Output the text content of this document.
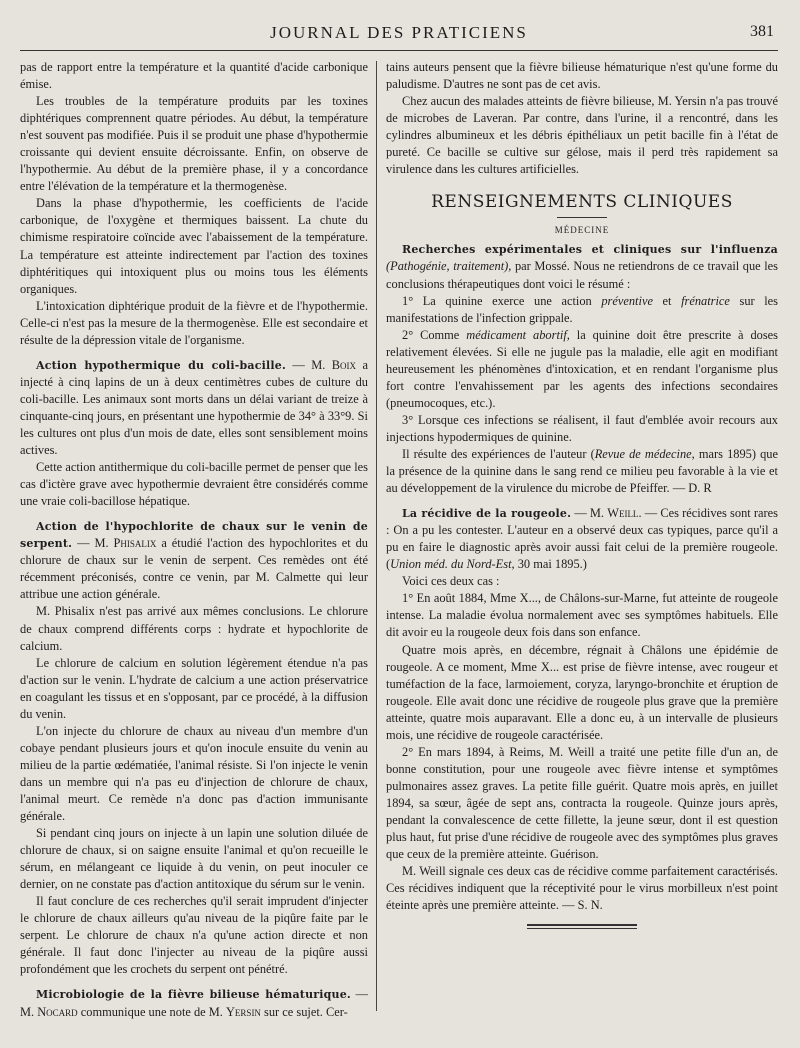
JOURNAL DES PRATICIENS	381

pas de rapport entre la température et la quantité d'acide carbonique émise.

Les troubles de la température produits par les toxines diphtériques comprennent quatre périodes. Au début, la température n'est souvent pas modifiée. Puis il se produit une phase d'hypothermie croissante qui devient ensuite décroissante. Enfin, on observe de l'hypothermie. Au début de la première phase, il y a concordance entre l'élévation de la température et la thermogenèse.

Dans la phase d'hypothermie, les coefficients de l'acide carbonique, de l'oxygène et thermiques baissent. La chute du chimisme respiratoire coïncide avec l'abaissement de la température. La température est atteinte indirectement par l'action des toxines diphtéritiques qui intoxiquent plus ou moins tous les éléments organiques.

L'intoxication diphtérique produit de la fièvre et de l'hypothermie. Celle-ci n'est pas la mesure de la thermogenèse. Elle est secondaire et résulte de la dépression vitale de l'organisme.

Action hypothermique du coli-bacille. — M. Boix a injecté à cinq lapins de un à deux centimètres cubes de culture du coli-bacille. Les animaux sont morts dans un délai variant de treize à cinquante-cinq jours, en présentant une hypothermie de 34° à 33°9. Si les cultures ont plus d'un mois de date, elles sont sensiblement moins actives.

Cette action antithermique du coli-bacille permet de penser que les cas d'ictère grave avec hypothermie devraient être considérés comme une vraie coli-bacillose hépatique.

Action de l'hypochlorite de chaux sur le venin de serpent. — M. Phisalix a étudié l'action des hypochlorites et du chlorure de chaux sur le venin de serpent. Ces remèdes ont été récemment préconisés, contre ce venin, par M. Calmette qui leur attribue une action générale.

M. Phisalix n'est pas arrivé aux mêmes conclusions. Le chlorure de chaux comprend différents corps : hydrate et hypochlorite de calcium.

Le chlorure de calcium en solution légèrement étendue n'a pas d'action sur le venin. L'hydrate de calcium a une action préservatrice en coagulant les tissus et en s'opposant, par ce procédé, à la diffusion du venin.

L'on injecte du chlorure de chaux au niveau d'un membre d'un cobaye pendant plusieurs jours et qu'on inocule ensuite du venin au milieu de la partie œdématiée, l'animal résiste. Si l'on injecte le venin dans un membre qui n'a pas eu d'injection de chlorure de chaux, l'animal meurt. Ce remède n'a donc pas d'action immunisante générale.

Si pendant cinq jours on injecte à un lapin une solution diluée de chlorure de chaux, si on saigne ensuite l'animal et qu'on recueille le sérum, en mélangeant ce liquide à du venin, on peut inoculer ce dernier, on ne constate pas d'action antitoxique du sérum sur le venin.

Il faut conclure de ces recherches qu'il serait imprudent d'injecter le chlorure de chaux ailleurs qu'au niveau de la piqûre faite par le serpent. Le chlorure de chaux n'a qu'une action directe et non générale. Il faut donc l'injecter au niveau de la piqûre aussi profondément que les crochets du serpent ont pénétré.

Microbiologie de la fièvre bilieuse hématurique. — M. Nocard communique une note de M. Yersin sur ce sujet. Cer-

tains auteurs pensent que la fièvre bilieuse hématurique n'est qu'une forme du paludisme. D'autres ne sont pas de cet avis.

Chez aucun des malades atteints de fièvre bilieuse, M. Yersin n'a pas trouvé de microbes de Laveran. Par contre, dans l'urine, il a rencontré, dans les cylindres albumineux et les débris épithéliaux un petit bacille fin à l'état de pureté. Ce bacille se cultive sur gélose, mais il perd très rapidement sa virulence dans les cultures artificielles.

RENSEIGNEMENTS CLINIQUES
MÉDECINE

Recherches expérimentales et cliniques sur l'influenza (Pathogénie, traitement), par Mossé. Nous ne retiendrons de ce travail que les conclusions thérapeutiques dont voici le résumé :

1° La quinine exerce une action préventive et frénatrice sur les manifestations de l'infection grippale.

2° Comme médicament abortif, la quinine doit être prescrite à doses relativement élevées. Si elle ne jugule pas la maladie, elle agit en modifiant heureusement les phénomènes d'intoxication, et en rendant l'organisme plus fort contre l'envahissement par les agents des infections secondaires (pneumocoques, etc.).

3° Lorsque ces infections se réalisent, il faut d'emblée avoir recours aux injections hypodermiques de quinine.

Il résulte des expériences de l'auteur (Revue de médecine, mars 1895) que la présence de la quinine dans le sang rend ce milieu peu favorable à la vie et au développement de la virulence du microbe de Pfeiffer. — D. R

La récidive de la rougeole. — M. Weill. — Ces récidives sont rares : On a pu les contester. L'auteur en a observé deux cas typiques, parce qu'il a pu en faire le diagnostic après avoir aussi fait celui de la première rougeole. (Union méd. du Nord-Est, 30 mai 1895.)

Voici ces deux cas :

1° En août 1884, Mme X..., de Châlons-sur-Marne, fut atteinte de rougeole intense. La maladie évolua normalement avec ses symptômes habituels. Elle dit avoir eu la rougeole deux fois dans son enfance.

Quatre mois après, en décembre, régnait à Châlons une épidémie de rougeole. A ce moment, Mme X... est prise de fièvre intense, avec rougeur et tuméfaction de la face, larmoiement, coryza, laryngo-bronchite et éruption de rougeole. Elle avait donc une récidive de rougeole plus grave que la première atteinte, quatre mois auparavant. Elle a donc eu, à un intervalle de plusieurs mois, une récidive de rougeole caractérisée.

2° En mars 1894, à Reims, M. Weill a traité une petite fille d'un an, de bonne constitution, pour une rougeole avec fièvre intense et symptômes pulmonaires assez graves. La petite fille guérit. Quatre mois après, en juillet 1894, sa sœur, âgée de sept ans, contracta la rougeole. Quinze jours après, pendant la convalescence de cette fillette, la jeune sœur, dont il est question plus haut, fut prise d'une récidive de rougeole avec des symptômes plus graves que ceux de la première atteinte. Guérison.

M. Weill signale ces deux cas de récidive comme parfaitement caractérisés. Ces récidives indiquent que la réceptivité pour le virus morbilleux n'est point éteinte après une première atteinte. — S. N.
